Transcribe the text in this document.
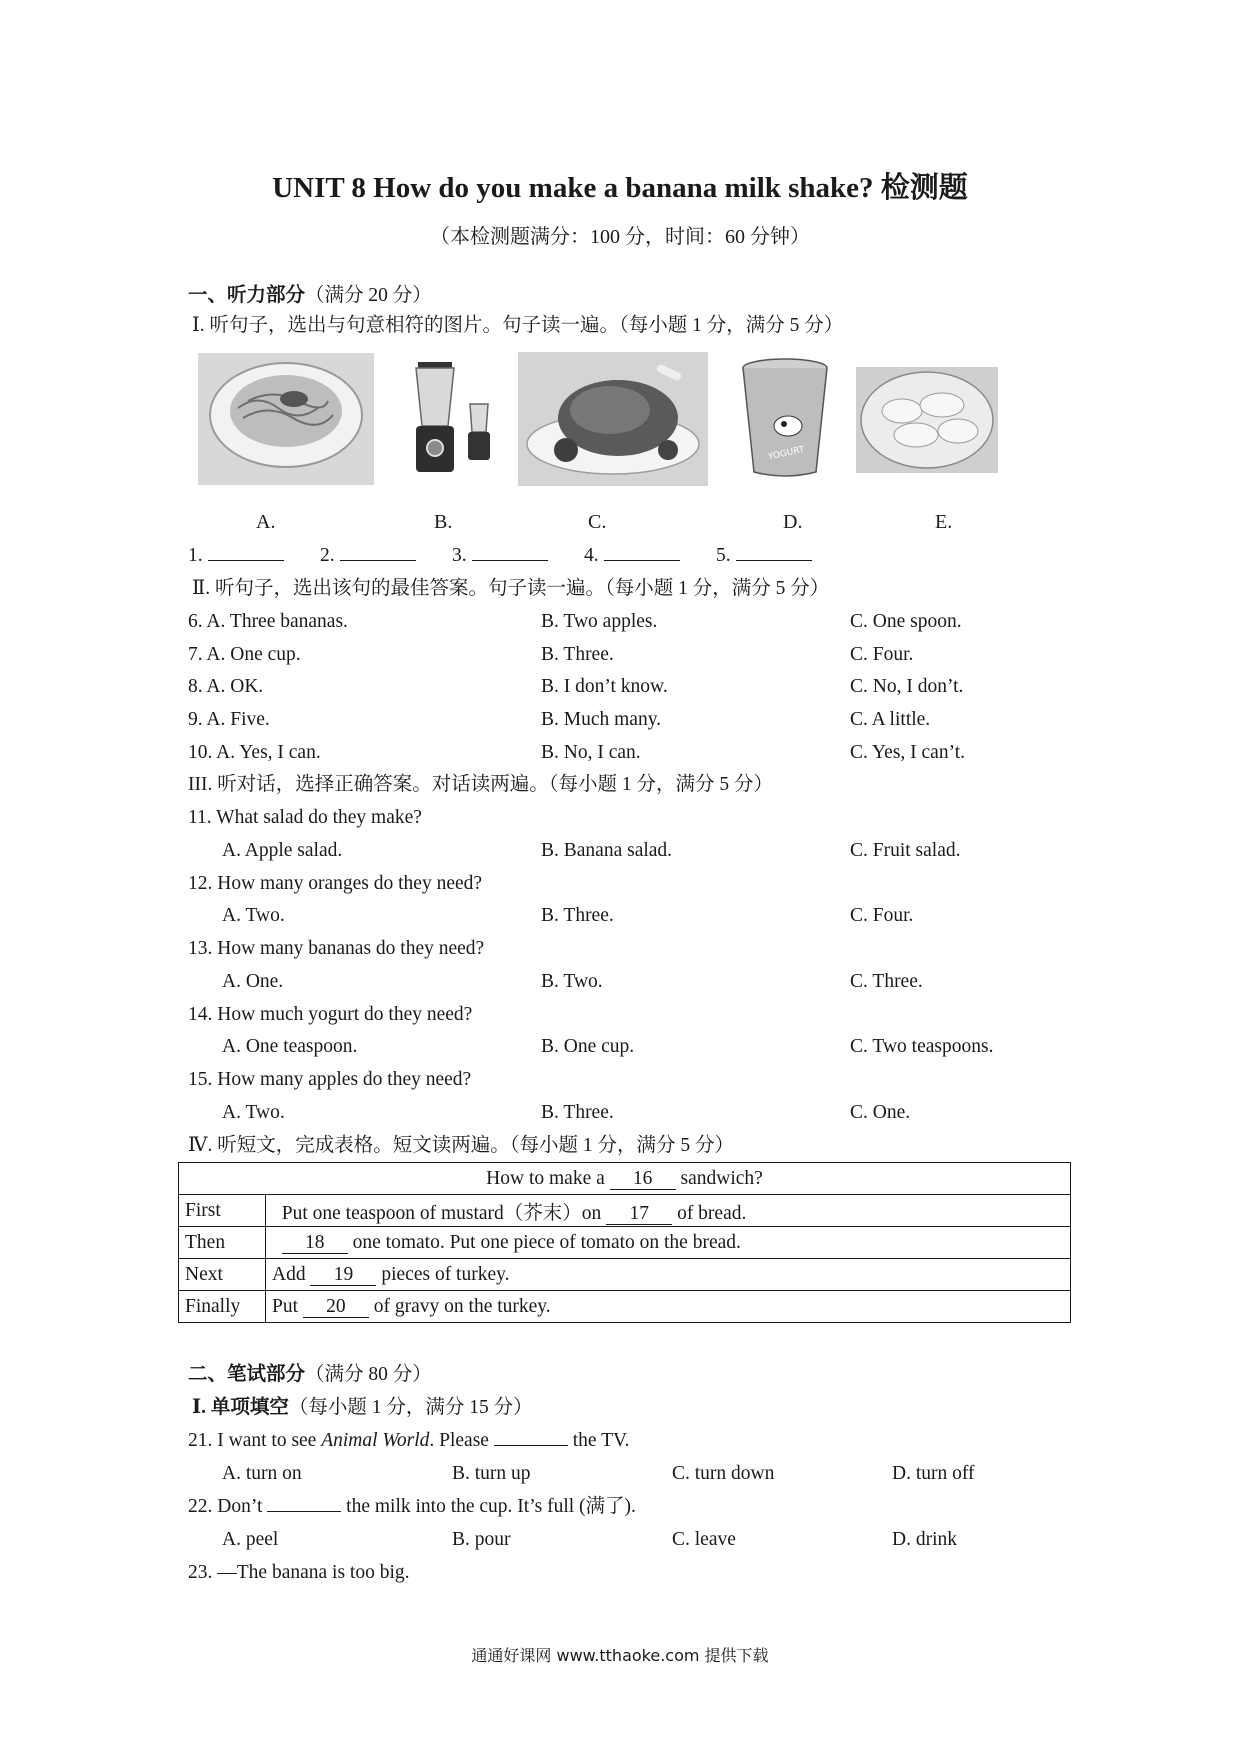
UNIT 8 How do you make a banana milk shake? 检测题
（本检测题满分：100 分，时间：60 分钟）
一、听力部分（满分 20 分）
Ⅰ. 听句子，选出与句意相符的图片。句子读一遍。（每小题 1 分，满分 5 分）
YOGURT
A.	B.	C.	D.	E.
1.	2.	3.	4.	5.
Ⅱ. 听句子，选出该句的最佳答案。句子读一遍。（每小题 1 分，满分 5 分）
6. A. Three bananas.	B. Two apples.	C. One spoon.
7. A. One cup.	B. Three.	C. Four.
8. A. OK.	B. I don’t know.	C. No, I don’t.
9. A. Five.	B. Much many.	C. A little.
10. A. Yes, I can.	B. No, I can.	C. Yes, I can’t.
III. 听对话，选择正确答案。对话读两遍。（每小题 1 分，满分 5 分）
11. What salad do they make?
A. Apple salad.	B. Banana salad.	C. Fruit salad.
12. How many oranges do they need?
A. Two.	B. Three.	C. Four.
13. How many bananas do they need?
A. One.	B. Two.	C. Three.
14. How much yogurt do they need?
A. One teaspoon.	B. One cup.	C. Two teaspoons.
15. How many apples do they need?
A. Two.	B. Three.	C. One.
Ⅳ. 听短文，完成表格。短文读两遍。（每小题 1 分，满分 5 分）
How to make a 16 sandwich?	
First	Put one teaspoon of mustard（芥末）on 17 of bread.
Then	18 one tomato. Put one piece of tomato on the bread.
Next	Add 19 pieces of turkey.
Finally	Put 20 of gravy on the turkey.
二、笔试部分（满分 80 分）
Ⅰ. 单项填空（每小题 1 分，满分 15 分）
21. I want to see Animal World. Please	the TV.
A. turn on	B. turn up	C. turn down	D. turn off
22. Don’t	the milk into the cup. It’s full (满了).
A. peel	B. pour	C. leave	D. drink
23. —The banana is too big.
通通好课网 www.tthaoke.com 提供下载
